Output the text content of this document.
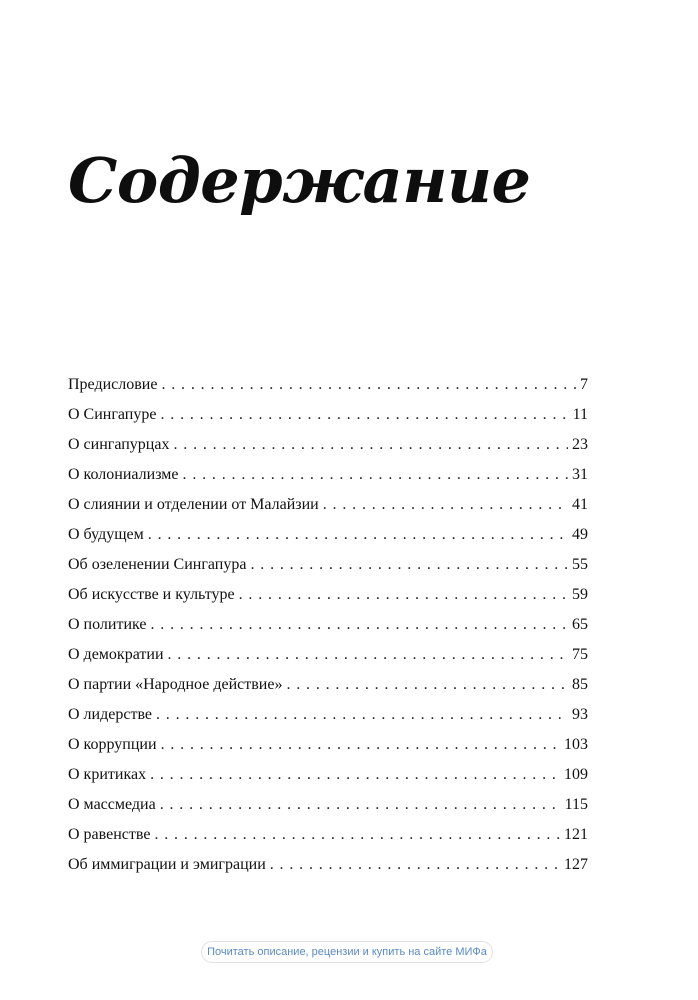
Содержание
Предисловие . . .	7
О Сингапуре . . .	11
О сингапурцах . . .	23
О колониализме . . .	31
О слиянии и отделении от Малайзии . . .	41
О будущем . . .	49
Об озеленении Сингапура . . .	55
Об искусстве и культуре . . .	59
О политике . . .	65
О демократии . . .	75
О партии «Народное действие» . . .	85
О лидерстве . . .	93
О коррупции . . .	103
О критиках . . .	109
О массмедиа . . .	115
О равенстве . . .	121
Об иммиграции и эмиграции . . .	127
Почитать описание, рецензии и купить на сайте МИФа
